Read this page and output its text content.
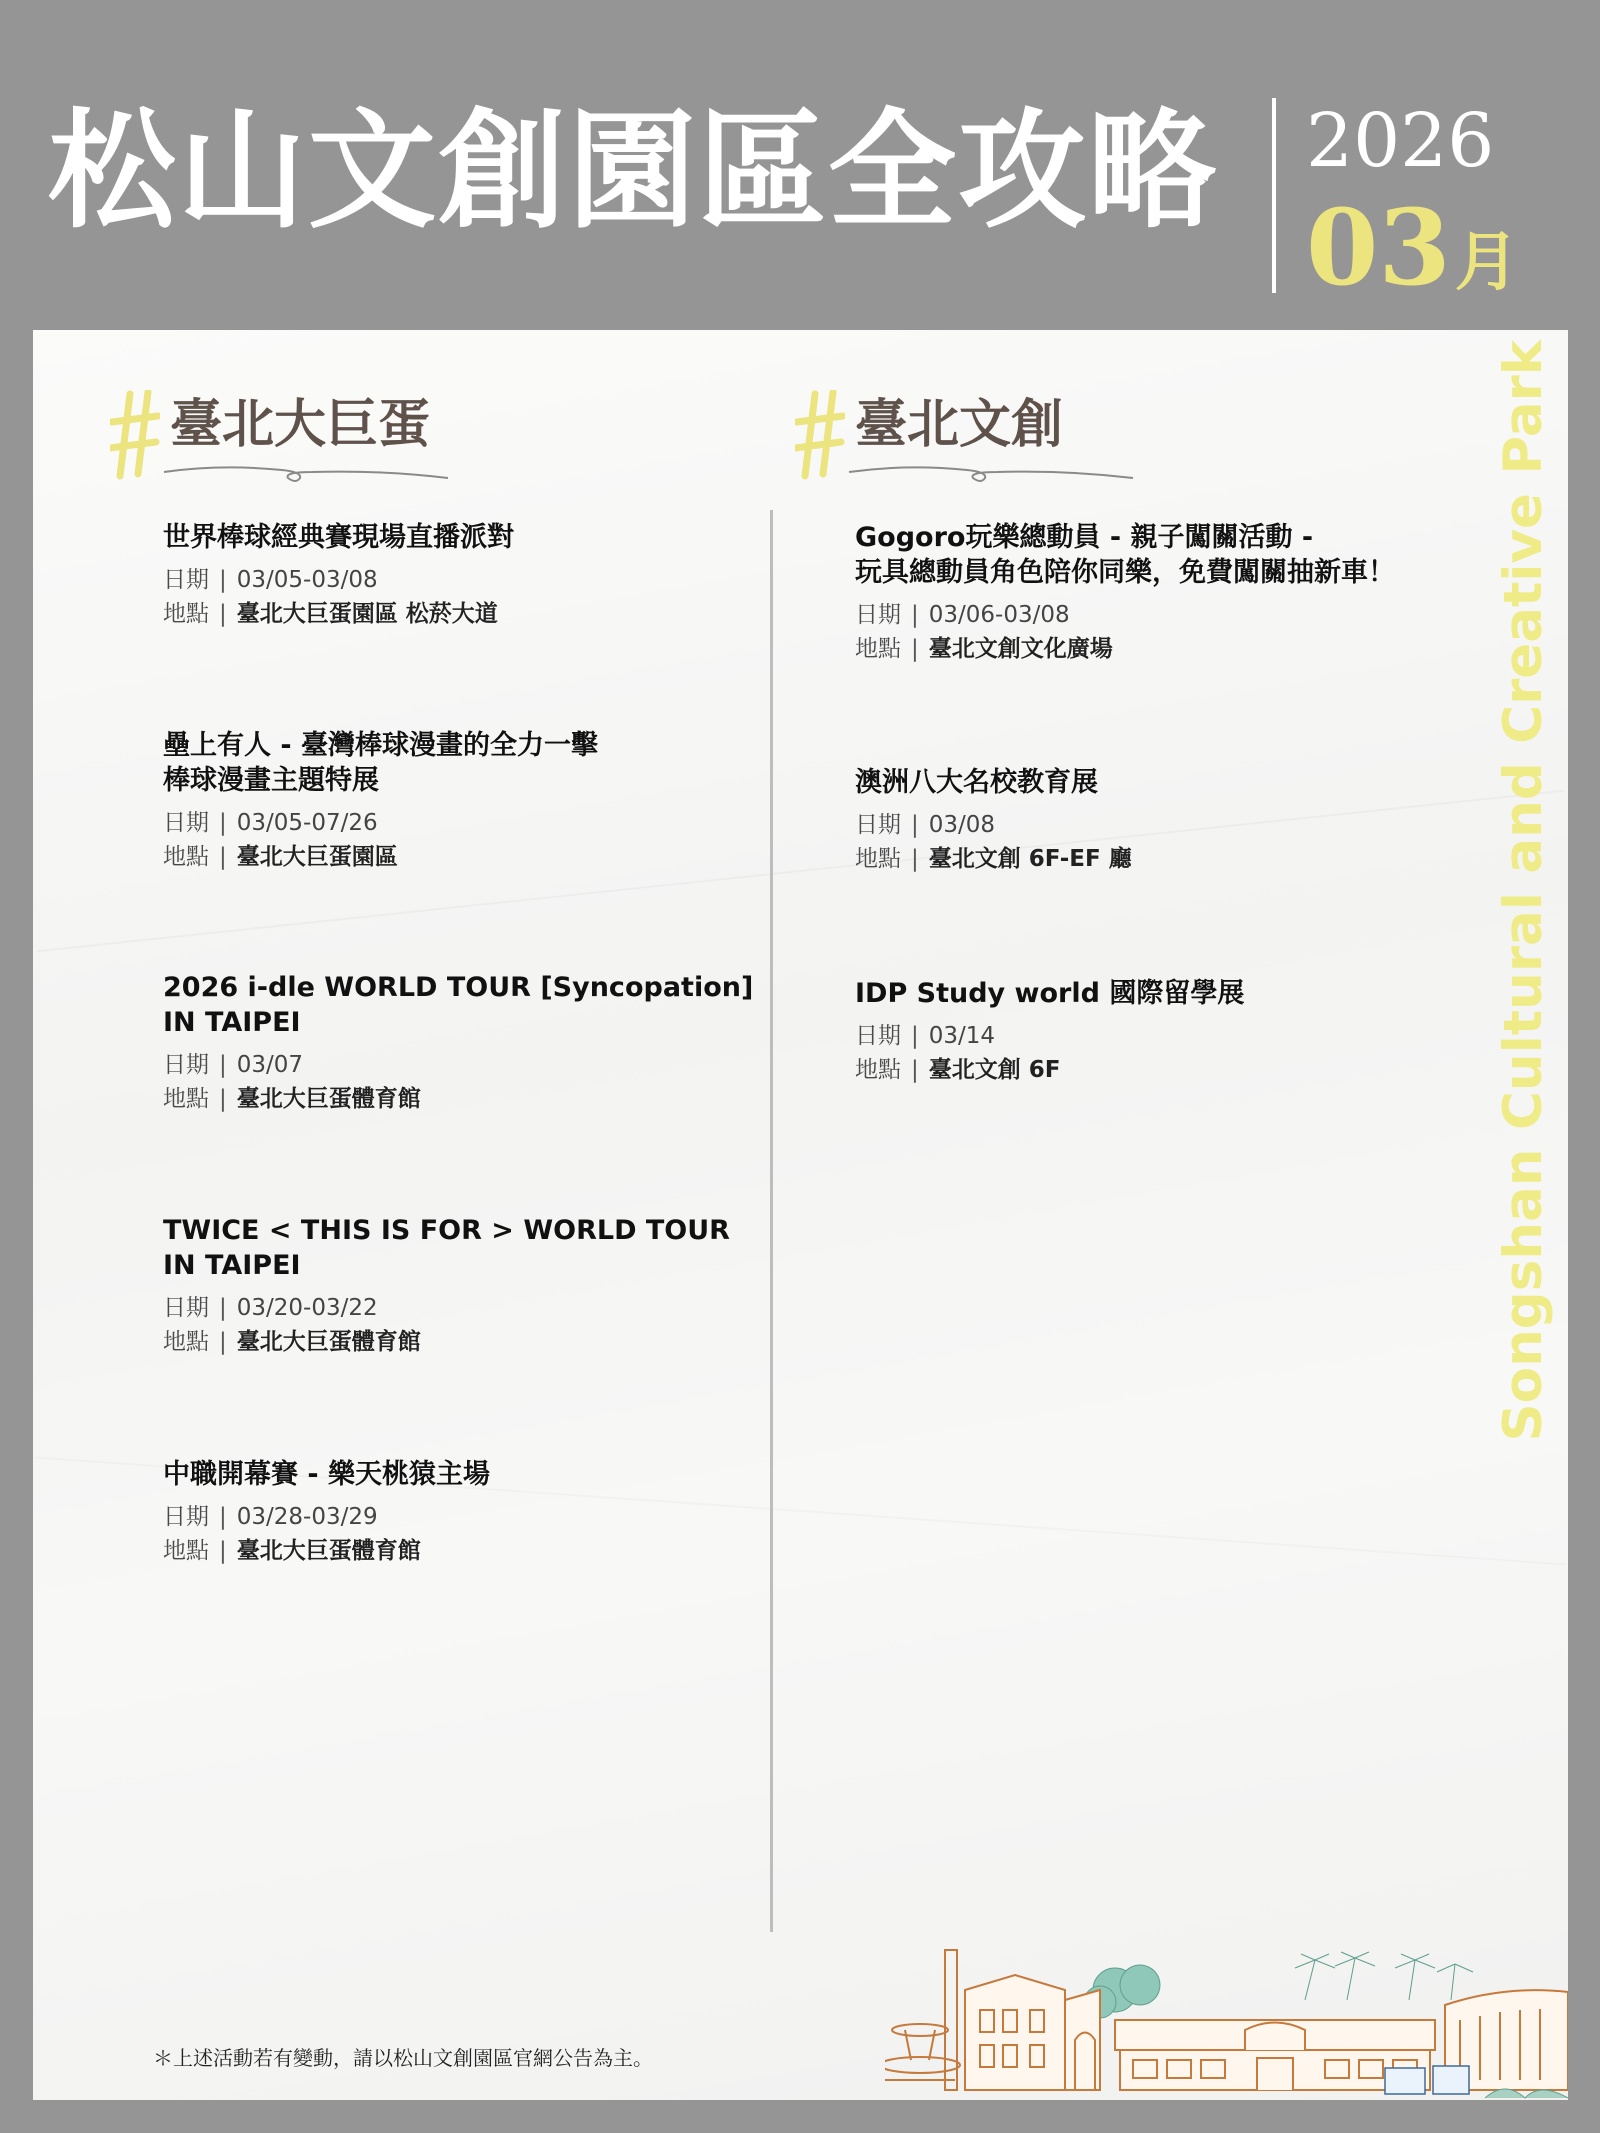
松山文創園區全攻略 2026
03月
Songshan Cultural and Creative Park
臺北大巨蛋	臺北文創
世界棒球經典賽現場直播派對
日期 | 03/05-03/08
地點 | 臺北大巨蛋園區 松菸大道
壘上有人 - 臺灣棒球漫畫的全力一擊
棒球漫畫主題特展
日期 | 03/05-07/26
地點 | 臺北大巨蛋園區
2026 i-dle WORLD TOUR [Syncopation]
IN TAIPEI
日期 | 03/07
地點 | 臺北大巨蛋體育館
TWICE < THIS IS FOR > WORLD TOUR
IN TAIPEI
日期 | 03/20-03/22
地點 | 臺北大巨蛋體育館
中職開幕賽 - 樂天桃猿主場
日期 | 03/28-03/29
地點 | 臺北大巨蛋體育館
Gogoro玩樂總動員 - 親子闖關活動 -
玩具總動員角色陪你同樂，免費闖關抽新車！
日期 | 03/06-03/08
地點 | 臺北文創文化廣場
澳洲八大名校教育展
日期 | 03/08
地點 | 臺北文創 6F-EF 廳
IDP Study world 國際留學展
日期 | 03/14
地點 | 臺北文創 6F
＊上述活動若有變動，請以松山文創園區官網公告為主。
